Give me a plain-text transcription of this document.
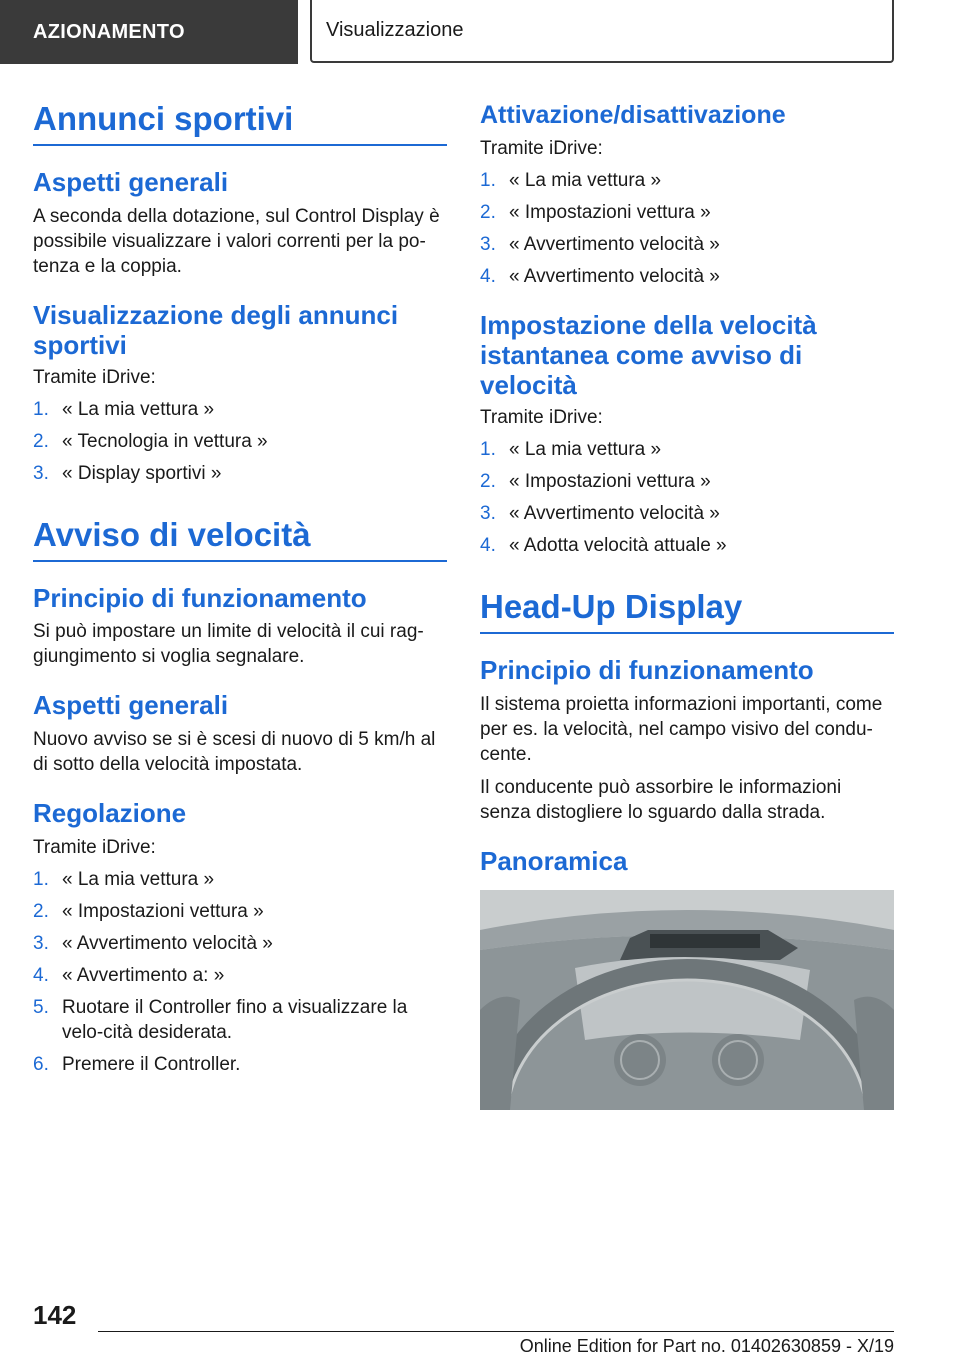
AZIONAMENTO	Visualizzazione
Annunci sportivi
Aspetti generali

A seconda della dotazione, sul Control Display è possibile visualizzare i valori correnti per la po-tenza e la coppia.

Visualizzazione degli annunci sportivi

Tramite iDrive:

1. « La mia vettura »
2. « Tecnologia in vettura »
3. « Display sportivi »
Avviso di velocità
Principio di funzionamento

Si può impostare un limite di velocità il cui rag-giungimento si voglia segnalare.

Aspetti generali

Nuovo avviso se si è scesi di nuovo di 5 km/h al di sotto della velocità impostata.

Regolazione

Tramite iDrive:

1. « La mia vettura »
2. « Impostazioni vettura »
3. « Avvertimento velocità »
4. « Avvertimento a: »
5. Ruotare il Controller fino a visualizzare la velo-cità desiderata.
6. Premere il Controller.
Attivazione/disattivazione

Tramite iDrive:

1. « La mia vettura »
2. « Impostazioni vettura »
3. « Avvertimento velocità »
4. « Avvertimento velocità »
Impostazione della velocità istantanea come avviso di velocità

Tramite iDrive:

1. « La mia vettura »
2. « Impostazioni vettura »
3. « Avvertimento velocità »
4. « Adotta velocità attuale »
Head-Up Display
Principio di funzionamento

Il sistema proietta informazioni importanti, come per es. la velocità, nel campo visivo del condu-cente.

Il conducente può assorbire le informazioni senza distogliere lo sguardo dalla strada.

Panoramica
142
Online Edition for Part no. 01402630859 - X/19
